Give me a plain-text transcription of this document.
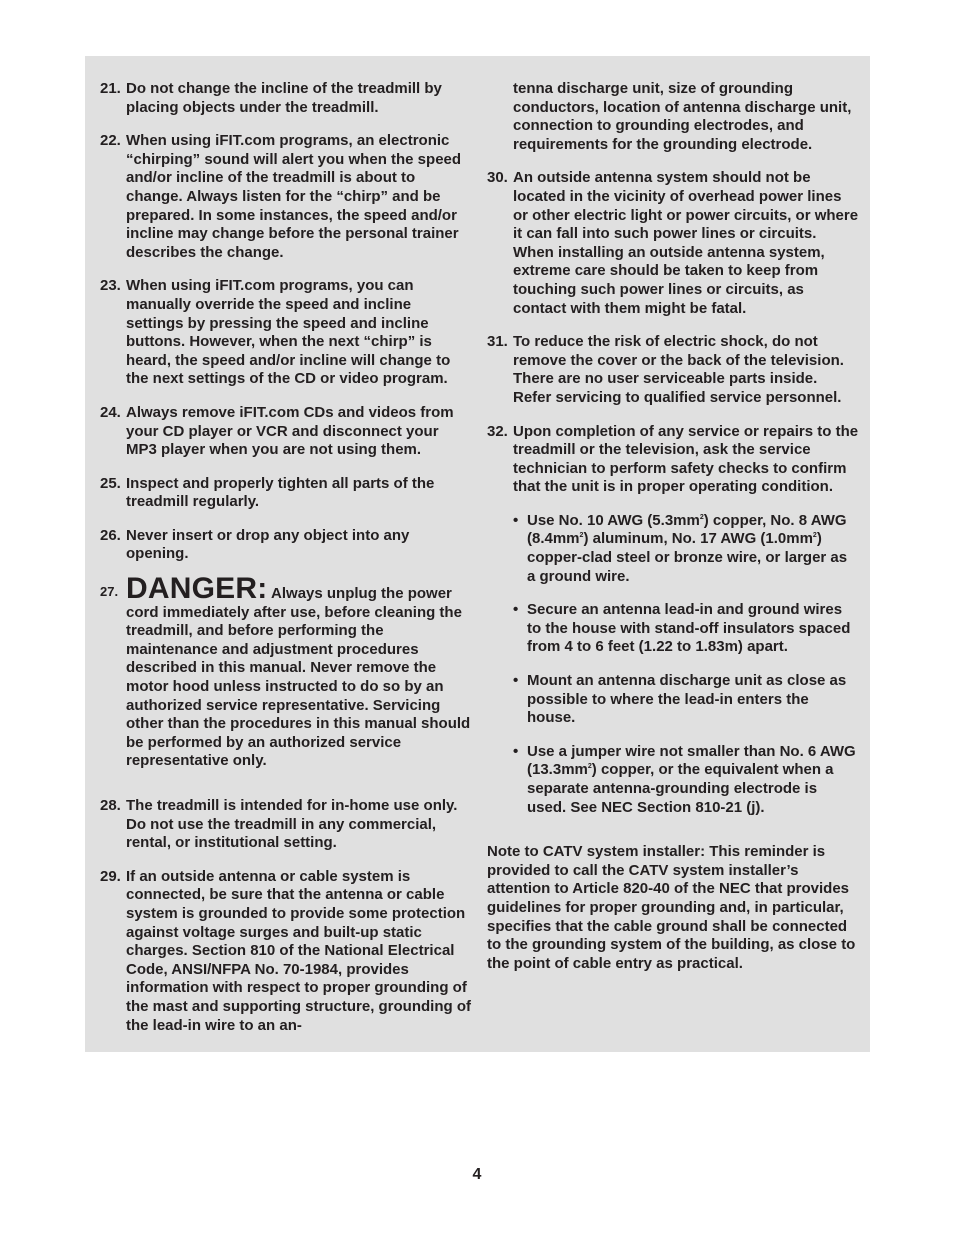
21. Do not change the incline of the treadmill by placing objects under the treadmill.
22. When using iFIT.com programs, an electronic “chirping” sound will alert you when the speed and/or incline of the treadmill is about to change. Always listen for the “chirp” and be prepared. In some instances, the speed and/or incline may change before the personal trainer describes the change.
23. When using iFIT.com programs, you can manually override the speed and incline settings by pressing the speed and incline buttons. However, when the next “chirp” is heard, the speed and/or incline will change to the next settings of the CD or video program.
24. Always remove iFIT.com CDs and videos from your CD player or VCR and disconnect your MP3 player when you are not using them.
25. Inspect and properly tighten all parts of the treadmill regularly.
26. Never insert or drop any object into any opening.
27. DANGER: Always unplug the power cord immediately after use, before cleaning the treadmill, and before performing the maintenance and adjustment procedures described in this manual. Never remove the motor hood unless instructed to do so by an authorized service representative. Servicing other than the procedures in this manual should be performed by an authorized service representative only.
28. The treadmill is intended for in-home use only. Do not use the treadmill in any commercial, rental, or institutional setting.
29. If an outside antenna or cable system is connected, be sure that the antenna or cable system is grounded to provide some protection against voltage surges and built-up static charges. Section 810 of the National Electrical Code, ANSI/NFPA No. 70-1984, provides information with respect to proper grounding of the mast and supporting structure, grounding of the lead-in wire to an an-
tenna discharge unit, size of grounding conductors, location of antenna discharge unit, connection to grounding electrodes, and requirements for the grounding electrode.
30. An outside antenna system should not be located in the vicinity of overhead power lines or other electric light or power circuits, or where it can fall into such power lines or circuits. When installing an outside antenna system, extreme care should be taken to keep from touching such power lines or circuits, as contact with them might be fatal.
31. To reduce the risk of electric shock, do not remove the cover or the back of the television. There are no user serviceable parts inside. Refer servicing to qualified service personnel.
32. Upon completion of any service or repairs to the treadmill or the television, ask the service technician to perform safety checks to confirm that the unit is in proper operating condition.
• Use No. 10 AWG $(5.3mm^2)$ copper, No. 8 AWG $(8.4mm^2)$ aluminum, No. 17 AWG $(1.0mm^2)$ copper-clad steel or bronze wire, or larger as a ground wire.
• Secure an antenna lead-in and ground wires to the house with stand-off insulators spaced from 4 to 6 feet (1.22 to 1.83m) apart.
• Mount an antenna discharge unit as close as possible to where the lead-in enters the house.
• Use a jumper wire not smaller than No. 6 AWG $(13.3mm^2)$ copper, or the equivalent when a separate antenna-grounding electrode is used. See NEC Section 810-21 (j).
Note to CATV system installer: This reminder is provided to call the CATV system installer’s attention to Article 820-40 of the NEC that provides guidelines for proper grounding and, in particular, specifies that the cable ground shall be connected to the grounding system of the building, as close to the point of cable entry as practical.
4
